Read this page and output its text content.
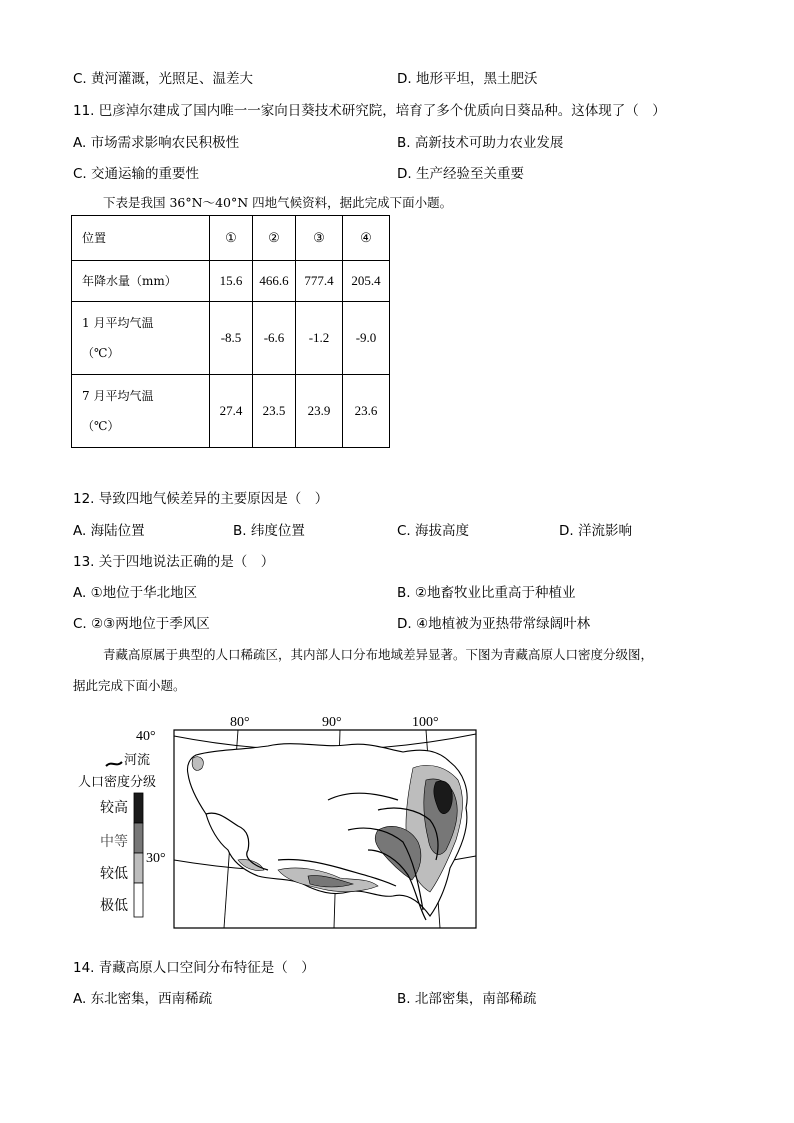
C. 黄河灌溉，光照足、温差大	D. 地形平坦，黑土肥沃
11. 巴彦淖尔建成了国内唯一一家向日葵技术研究院，培育了多个优质向日葵品种。这体现了（　）
A. 市场需求影响农民积极性	B. 高新技术可助力农业发展
C. 交通运输的重要性	D. 生产经验至关重要
下表是我国 36°N～40°N 四地气候资料，据此完成下面小题。
位置	①	②	③	④
年降水量（mm）	15.6	466.6	777.4	205.4

1 月平均气温
（℃）	-8.5	-6.6	-1.2	-9.0

7 月平均气温
（℃）	27.4	23.5	23.9	23.6
12. 导致四地气候差异的主要原因是（　）
A. 海陆位置	B. 纬度位置	C. 海拔高度	D. 洋流影响
13. 关于四地说法正确的是（　）
A. ①地位于华北地区	B. ②地畜牧业比重高于种植业
C. ②③两地位于季风区	D. ④地植被为亚热带常绿阔叶林
青藏高原属于典型的人口稀疏区，其内部人口分布地域差异显著。下图为青藏高原人口密度分级图，
据此完成下面小题。
40°
30°
80°	90°	100°
河流
人口密度分级
较高
中等
较低
极低
14. 青藏高原人口空间分布特征是（　）
A. 东北密集，西南稀疏	B. 北部密集，南部稀疏
